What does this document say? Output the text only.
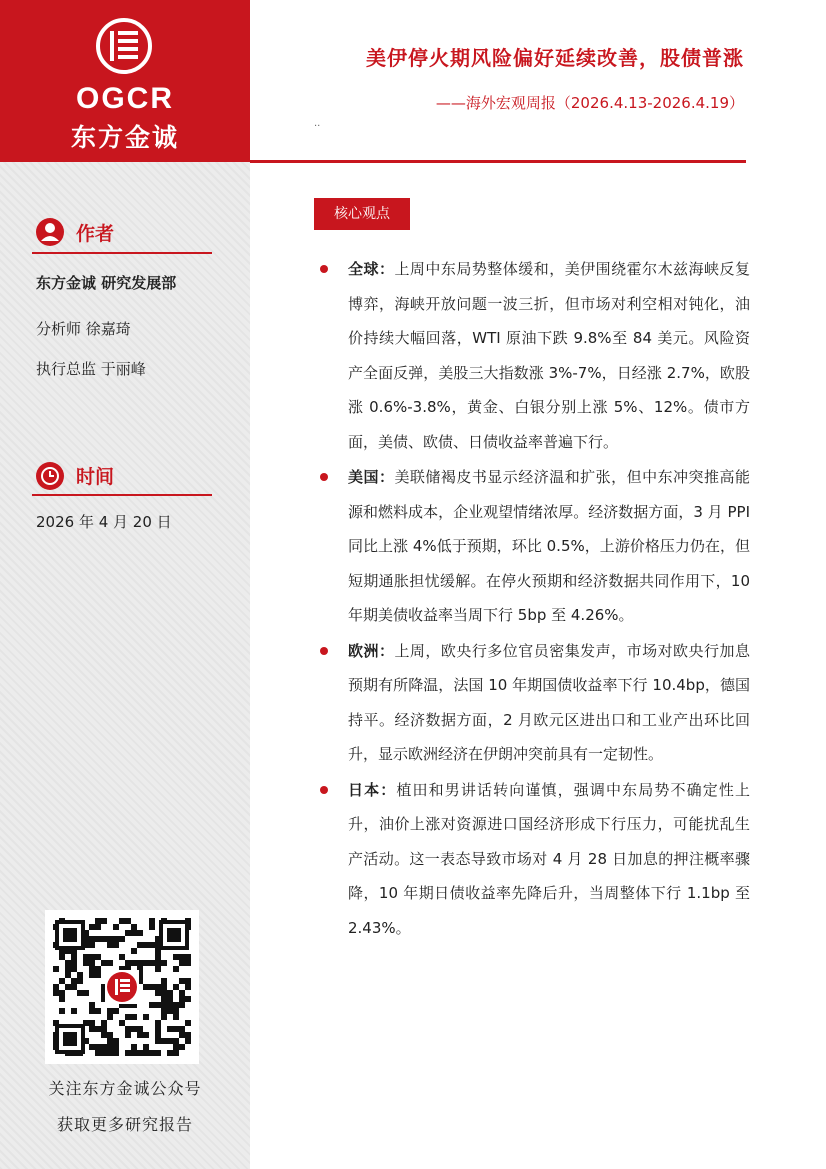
OGCR
东方金诚
作者
东方金诚 研究发展部
分析师 徐嘉琦
执行总监 于丽峰
时间
2026 年 4 月 20 日
关注东方金诚公众号
获取更多研究报告
美伊停火期风险偏好延续改善，股债普涨
——海外宏观周报（2026.4.13-2026.4.19）
..
核心观点
全球：上周中东局势整体缓和，美伊围绕霍尔木兹海峡反复博弈，海峡开放问题一波三折，但市场对利空相对钝化，油价持续大幅回落，WTI 原油下跌 9.8%至 84 美元。风险资产全面反弹，美股三大指数涨 3%-7%，日经涨 2.7%，欧股涨 0.6%-3.8%，黄金、白银分别上涨 5%、12%。债市方面，美债、欧债、日债收益率普遍下行。
美国：美联储褐皮书显示经济温和扩张，但中东冲突推高能源和燃料成本，企业观望情绪浓厚。经济数据方面，3 月 PPI 同比上涨 4%低于预期，环比 0.5%，上游价格压力仍在，但短期通胀担忧缓解。在停火预期和经济数据共同作用下，10 年期美债收益率当周下行 5bp 至 4.26%。
欧洲：上周，欧央行多位官员密集发声，市场对欧央行加息预期有所降温，法国 10 年期国债收益率下行 10.4bp，德国持平。经济数据方面，2 月欧元区进出口和工业产出环比回升，显示欧洲经济在伊朗冲突前具有一定韧性。
日本：植田和男讲话转向谨慎，强调中东局势不确定性上升，油价上涨对资源进口国经济形成下行压力，可能扰乱生产活动。这一表态导致市场对 4 月 28 日加息的押注概率骤降，10 年期日债收益率先降后升，当周整体下行 1.1bp 至 2.43%。
